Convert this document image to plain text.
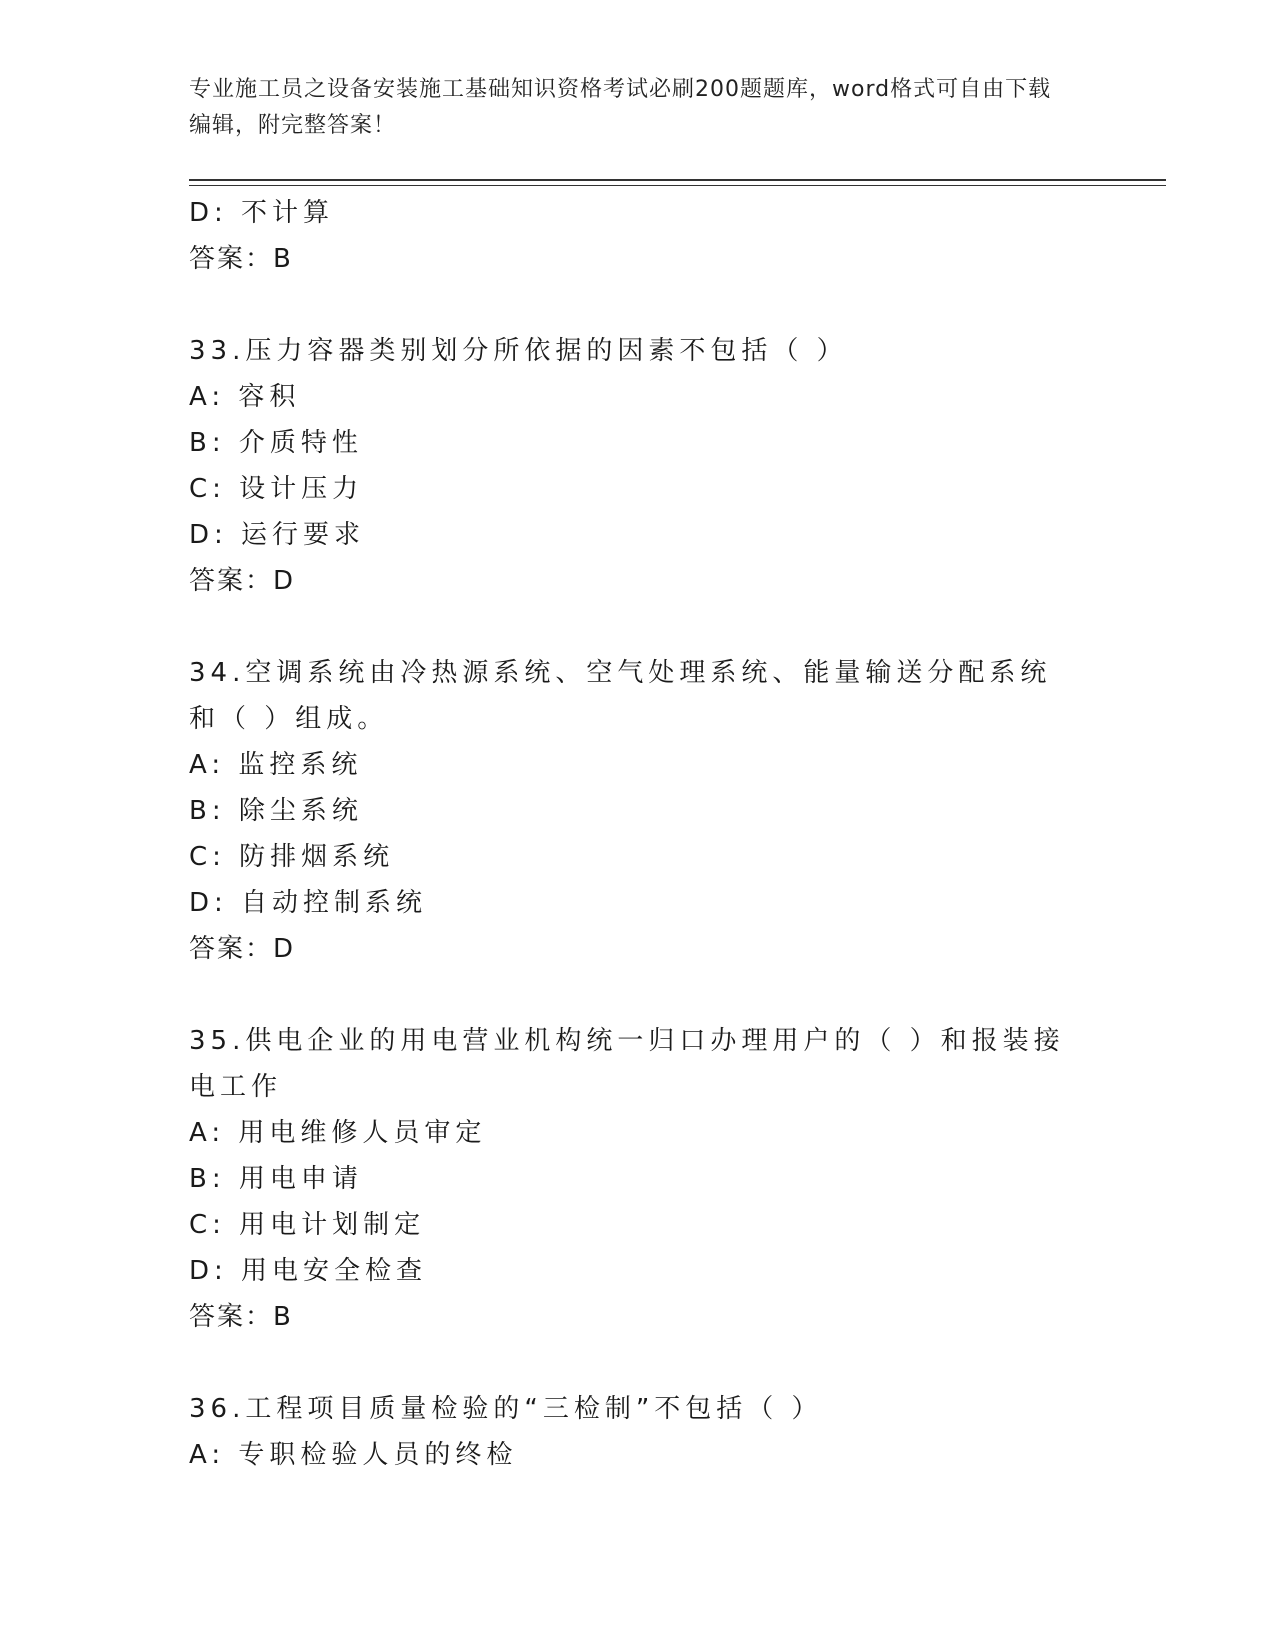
专业施工员之设备安装施工基础知识资格考试必刷200题题库，word格式可自由下载编辑，附完整答案！
D: 不计算
答案：B
33.压力容器类别划分所依据的因素不包括（ ）
A: 容积
B: 介质特性
C: 设计压力
D: 运行要求
答案：D
34.空调系统由冷热源系统、空气处理系统、能量输送分配系统和（ ）组成。
A: 监控系统
B: 除尘系统
C: 防排烟系统
D: 自动控制系统
答案：D
35.供电企业的用电营业机构统一归口办理用户的（ ）和报装接电工作
A: 用电维修人员审定
B: 用电申请
C: 用电计划制定
D: 用电安全检查
答案：B
36.工程项目质量检验的“三检制”不包括（ ）
A: 专职检验人员的终检
